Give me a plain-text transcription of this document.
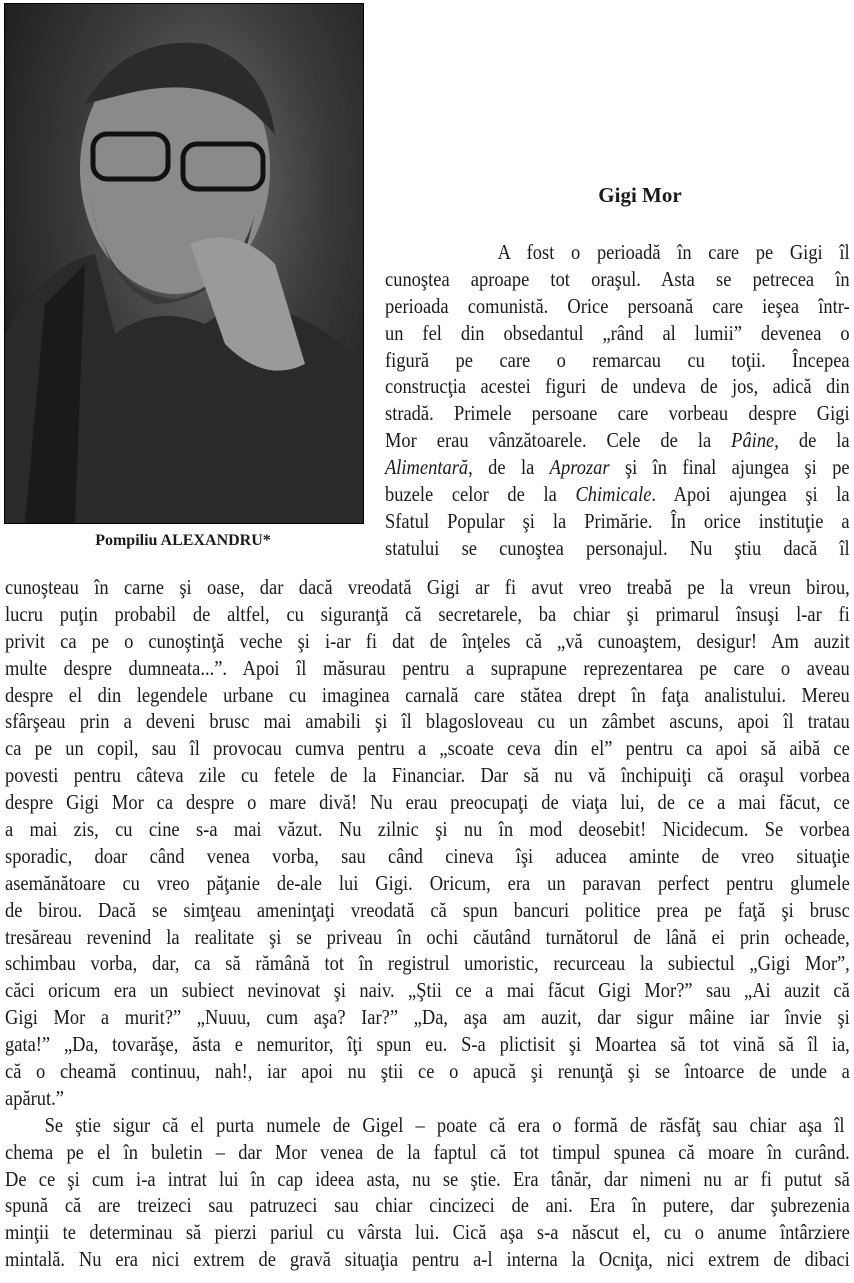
Pompiliu ALEXANDRU*
Gigi Mor
A fost o perioadă în care pe Gigi îl
cunoştea aproape tot oraşul. Asta se petrecea în
perioada comunistă. Orice persoană care ieşea într-
un fel din obsedantul „rând al lumii” devenea o
figură pe care o remarcau cu toţii. Începea
construcţia acestei figuri de undeva de jos, adică din
stradă. Primele persoane care vorbeau despre Gigi
Mor erau vânzătoarele. Cele de la Pâine, de la
Alimentară, de la Aprozar şi în final ajungea şi pe
buzele celor de la Chimicale. Apoi ajungea şi la
Sfatul Popular şi la Primărie. În orice instituţie a
statului se cunoştea personajul. Nu ştiu dacă îl
cunoşteau în carne şi oase, dar dacă vreodată Gigi ar fi avut vreo treabă pe la vreun birou,
lucru puţin probabil de altfel, cu siguranţă că secretarele, ba chiar şi primarul însuşi l-ar fi
privit ca pe o cunoştinţă veche şi i-ar fi dat de înţeles că „vă cunoaştem, desigur! Am auzit
multe despre dumneata...”. Apoi îl măsurau pentru a suprapune reprezentarea pe care o aveau
despre el din legendele urbane cu imaginea carnală care stătea drept în faţa analistului. Mereu
sfârşeau prin a deveni brusc mai amabili şi îl blagosloveau cu un zâmbet ascuns, apoi îl tratau
ca pe un copil, sau îl provocau cumva pentru a „scoate ceva din el” pentru ca apoi să aibă ce
povesti pentru câteva zile cu fetele de la Financiar. Dar să nu vă închipuiţi că oraşul vorbea
despre Gigi Mor ca despre o mare divă! Nu erau preocupaţi de viaţa lui, de ce a mai făcut, ce
a mai zis, cu cine s-a mai văzut. Nu zilnic şi nu în mod deosebit! Nicidecum. Se vorbea
sporadic, doar când venea vorba, sau când cineva îşi aducea aminte de vreo situaţie
asemănătoare cu vreo păţanie de-ale lui Gigi. Oricum, era un paravan perfect pentru glumele
de birou. Dacă se simţeau ameninţaţi vreodată că spun bancuri politice prea pe faţă şi brusc
tresăreau revenind la realitate şi se priveau în ochi căutând turnătorul de lână ei prin ocheade,
schimbau vorba, dar, ca să rămână tot în registrul umoristic, recurceau la subiectul „Gigi Mor”,
căci oricum era un subiect nevinovat şi naiv. „Ştii ce a mai făcut Gigi Mor?” sau „Ai auzit că
Gigi Mor a murit?” „Nuuu, cum aşa? Iar?” „Da, aşa am auzit, dar sigur mâine iar învie şi
gata!” „Da, tovarăşe, ăsta e nemuritor, îţi spun eu. S-a plictisit şi Moartea să tot vină să îl ia,
că o cheamă continuu, nah!, iar apoi nu ştii ce o apucă şi renunţă şi se întoarce de unde a
apărut.”
Se ştie sigur că el purta numele de Gigel – poate că era o formă de răsfăţ sau chiar aşa îl
chema pe el în buletin – dar Mor venea de la faptul că tot timpul spunea că moare în curând.
De ce şi cum i-a intrat lui în cap ideea asta, nu se ştie. Era tânăr, dar nimeni nu ar fi putut să
spună că are treizeci sau patruzeci sau chiar cincizeci de ani. Era în putere, dar şubrezenia
minţii te determinau să pierzi pariul cu vârsta lui. Cică aşa s-a născut el, cu o anume întârziere
mintală. Nu era nici extrem de gravă situaţia pentru a-l interna la Ocniţa, nici extrem de dibaci
